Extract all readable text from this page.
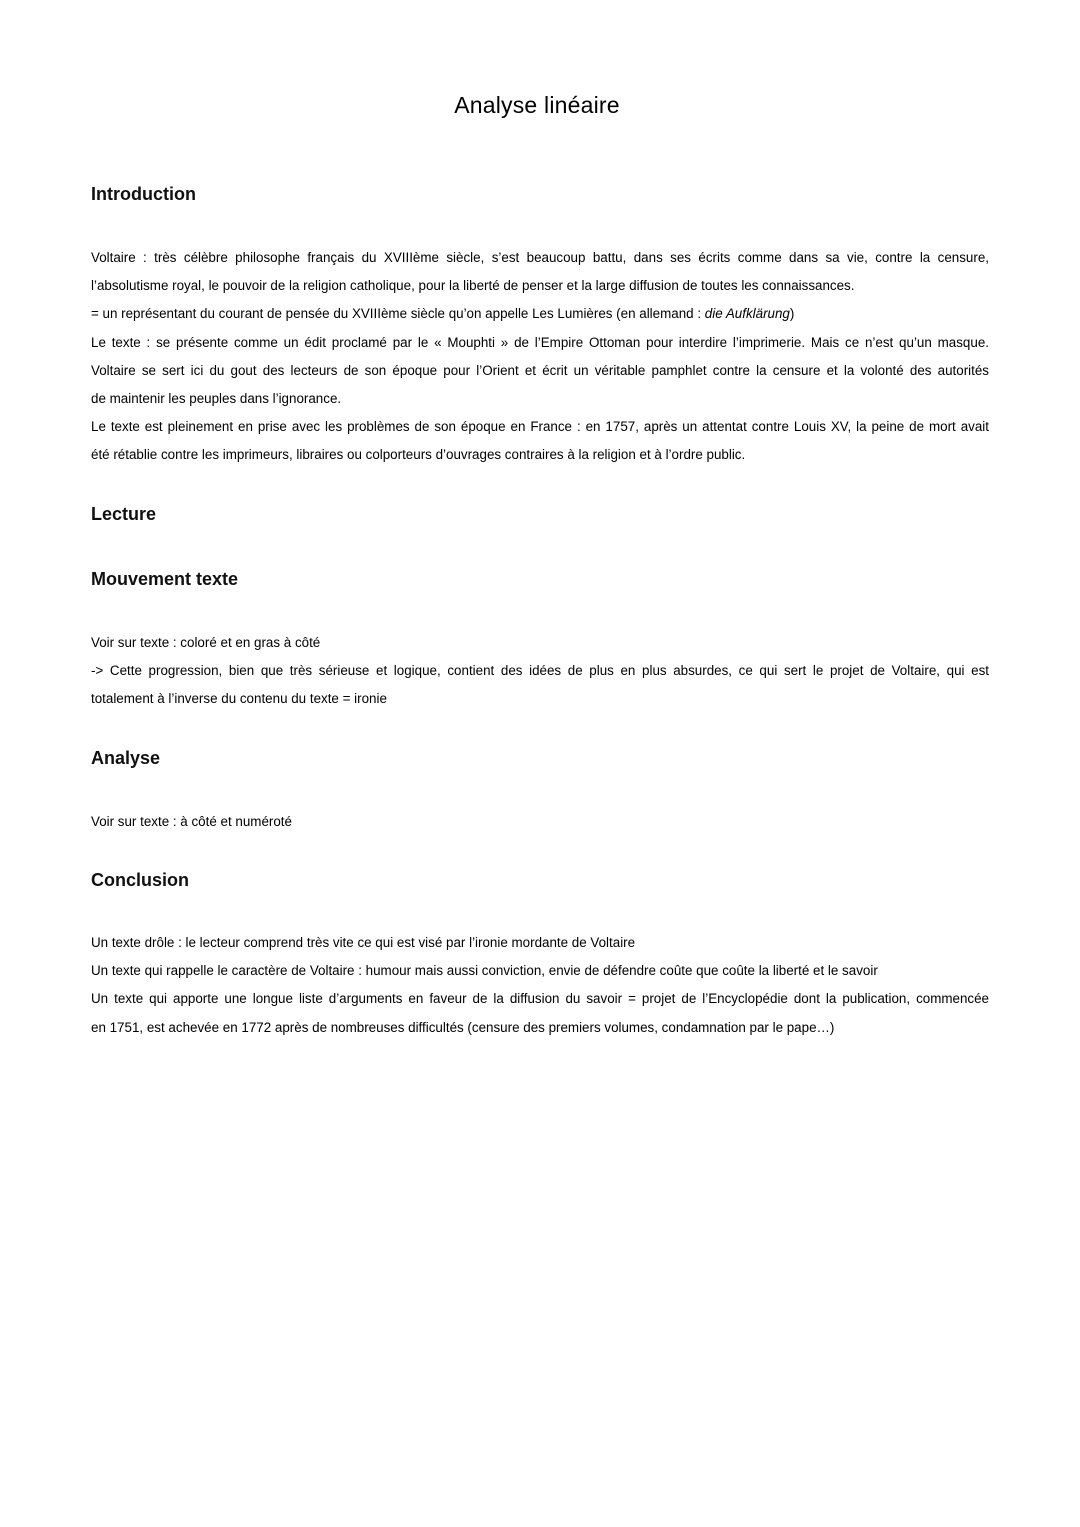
Analyse linéaire
Introduction
Voltaire : très célèbre philosophe français du XVIIIème siècle, s’est beaucoup battu, dans ses écrits comme dans sa vie, contre la censure,
l’absolutisme royal, le pouvoir de la religion catholique, pour la liberté de penser et la large diffusion de toutes les connaissances.
= un représentant du courant de pensée du XVIIIème siècle qu’on appelle Les Lumières (en allemand : die Aufklärung)
Le texte : se présente comme un édit proclamé par le « Mouphti » de l’Empire Ottoman pour interdire l’imprimerie. Mais ce n’est qu’un masque.
Voltaire se sert ici du gout des lecteurs de son époque pour l’Orient et écrit un véritable pamphlet contre la censure et la volonté des autorités
de maintenir les peuples dans l’ignorance.
Le texte est pleinement en prise avec les problèmes de son époque en France : en 1757, après un attentat contre Louis XV, la peine de mort avait
été rétablie contre les imprimeurs, libraires ou colporteurs d’ouvrages contraires à la religion et à l’ordre public.
Lecture
Mouvement texte
Voir sur texte : coloré et en gras à côté
-> Cette progression, bien que très sérieuse et logique, contient des idées de plus en plus absurdes, ce qui sert le projet de Voltaire, qui est
totalement à l’inverse du contenu du texte = ironie
Analyse
Voir sur texte : à côté et numéroté
Conclusion
Un texte drôle : le lecteur comprend très vite ce qui est visé par l’ironie mordante de Voltaire
Un texte qui rappelle le caractère de Voltaire : humour mais aussi conviction, envie de défendre coûte que coûte la liberté et le savoir
Un texte qui apporte une longue liste d’arguments en faveur de la diffusion du savoir = projet de l’Encyclopédie dont la publication, commencée
en 1751, est achevée en 1772 après de nombreuses difficultés (censure des premiers volumes, condamnation par le pape…)
